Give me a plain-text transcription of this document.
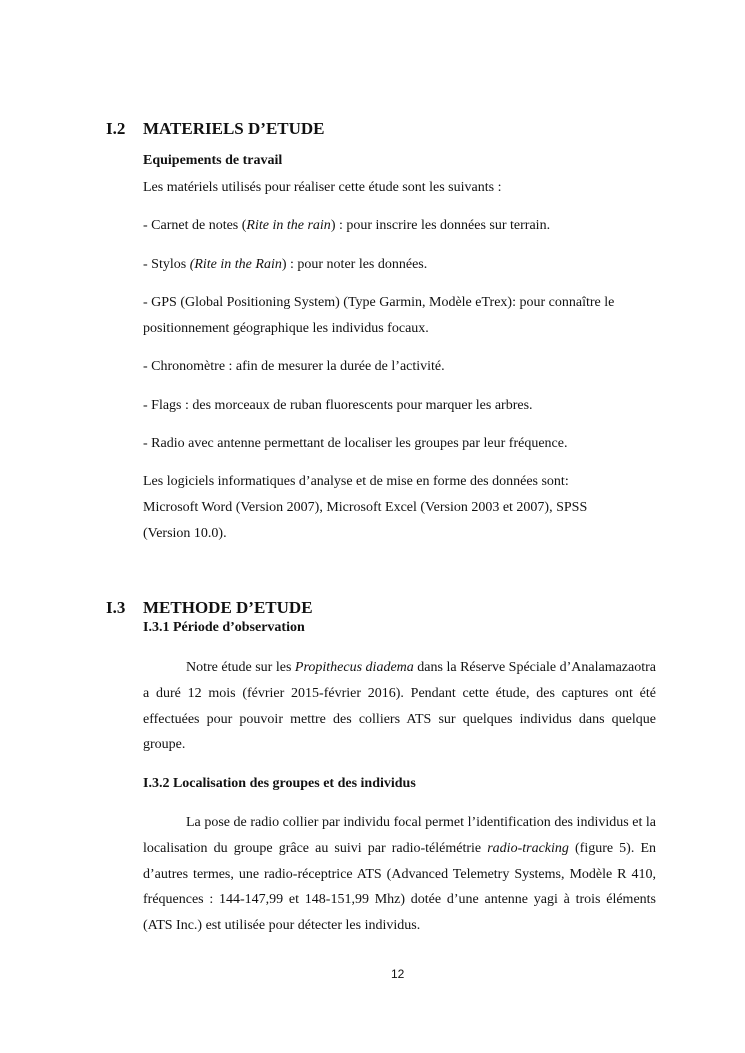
I.2 MATERIELS D’ETUDE
Equipements de travail
Les matériels utilisés pour réaliser cette étude sont les suivants :
- Carnet de notes (Rite in the rain) : pour inscrire les données sur terrain.
- Stylos (Rite in the Rain) : pour noter les données.
- GPS (Global Positioning System) (Type Garmin, Modèle eTrex): pour connaître le
positionnement géographique les individus focaux.
- Chronomètre : afin de mesurer la durée de l’activité.
- Flags : des morceaux de ruban fluorescents pour marquer les arbres.
- Radio avec antenne permettant de localiser les groupes par leur fréquence.
Les logiciels informatiques d’analyse et de mise en forme des données sont:
Microsoft Word (Version 2007), Microsoft Excel (Version 2003 et 2007), SPSS
(Version 10.0).
I.3 METHODE D’ETUDE
I.3.1 Période d’observation
Notre étude sur les Propithecus diadema dans la Réserve Spéciale d’Analamazaotra a duré 12 mois (février 2015-février 2016). Pendant cette étude, des captures ont été effectuées pour pouvoir mettre des colliers ATS sur quelques individus dans quelque groupe.
I.3.2 Localisation des groupes et des individus
La pose de radio collier par individu focal permet l’identification des individus et la localisation du groupe grâce au suivi par radio-télémétrie radio-tracking (figure 5). En d’autres termes, une radio-réceptrice ATS (Advanced Telemetry Systems, Modèle R 410, fréquences : 144-147,99 et 148-151,99 Mhz) dotée d’une antenne yagi à trois éléments (ATS Inc.) est utilisée pour détecter les individus.
12
